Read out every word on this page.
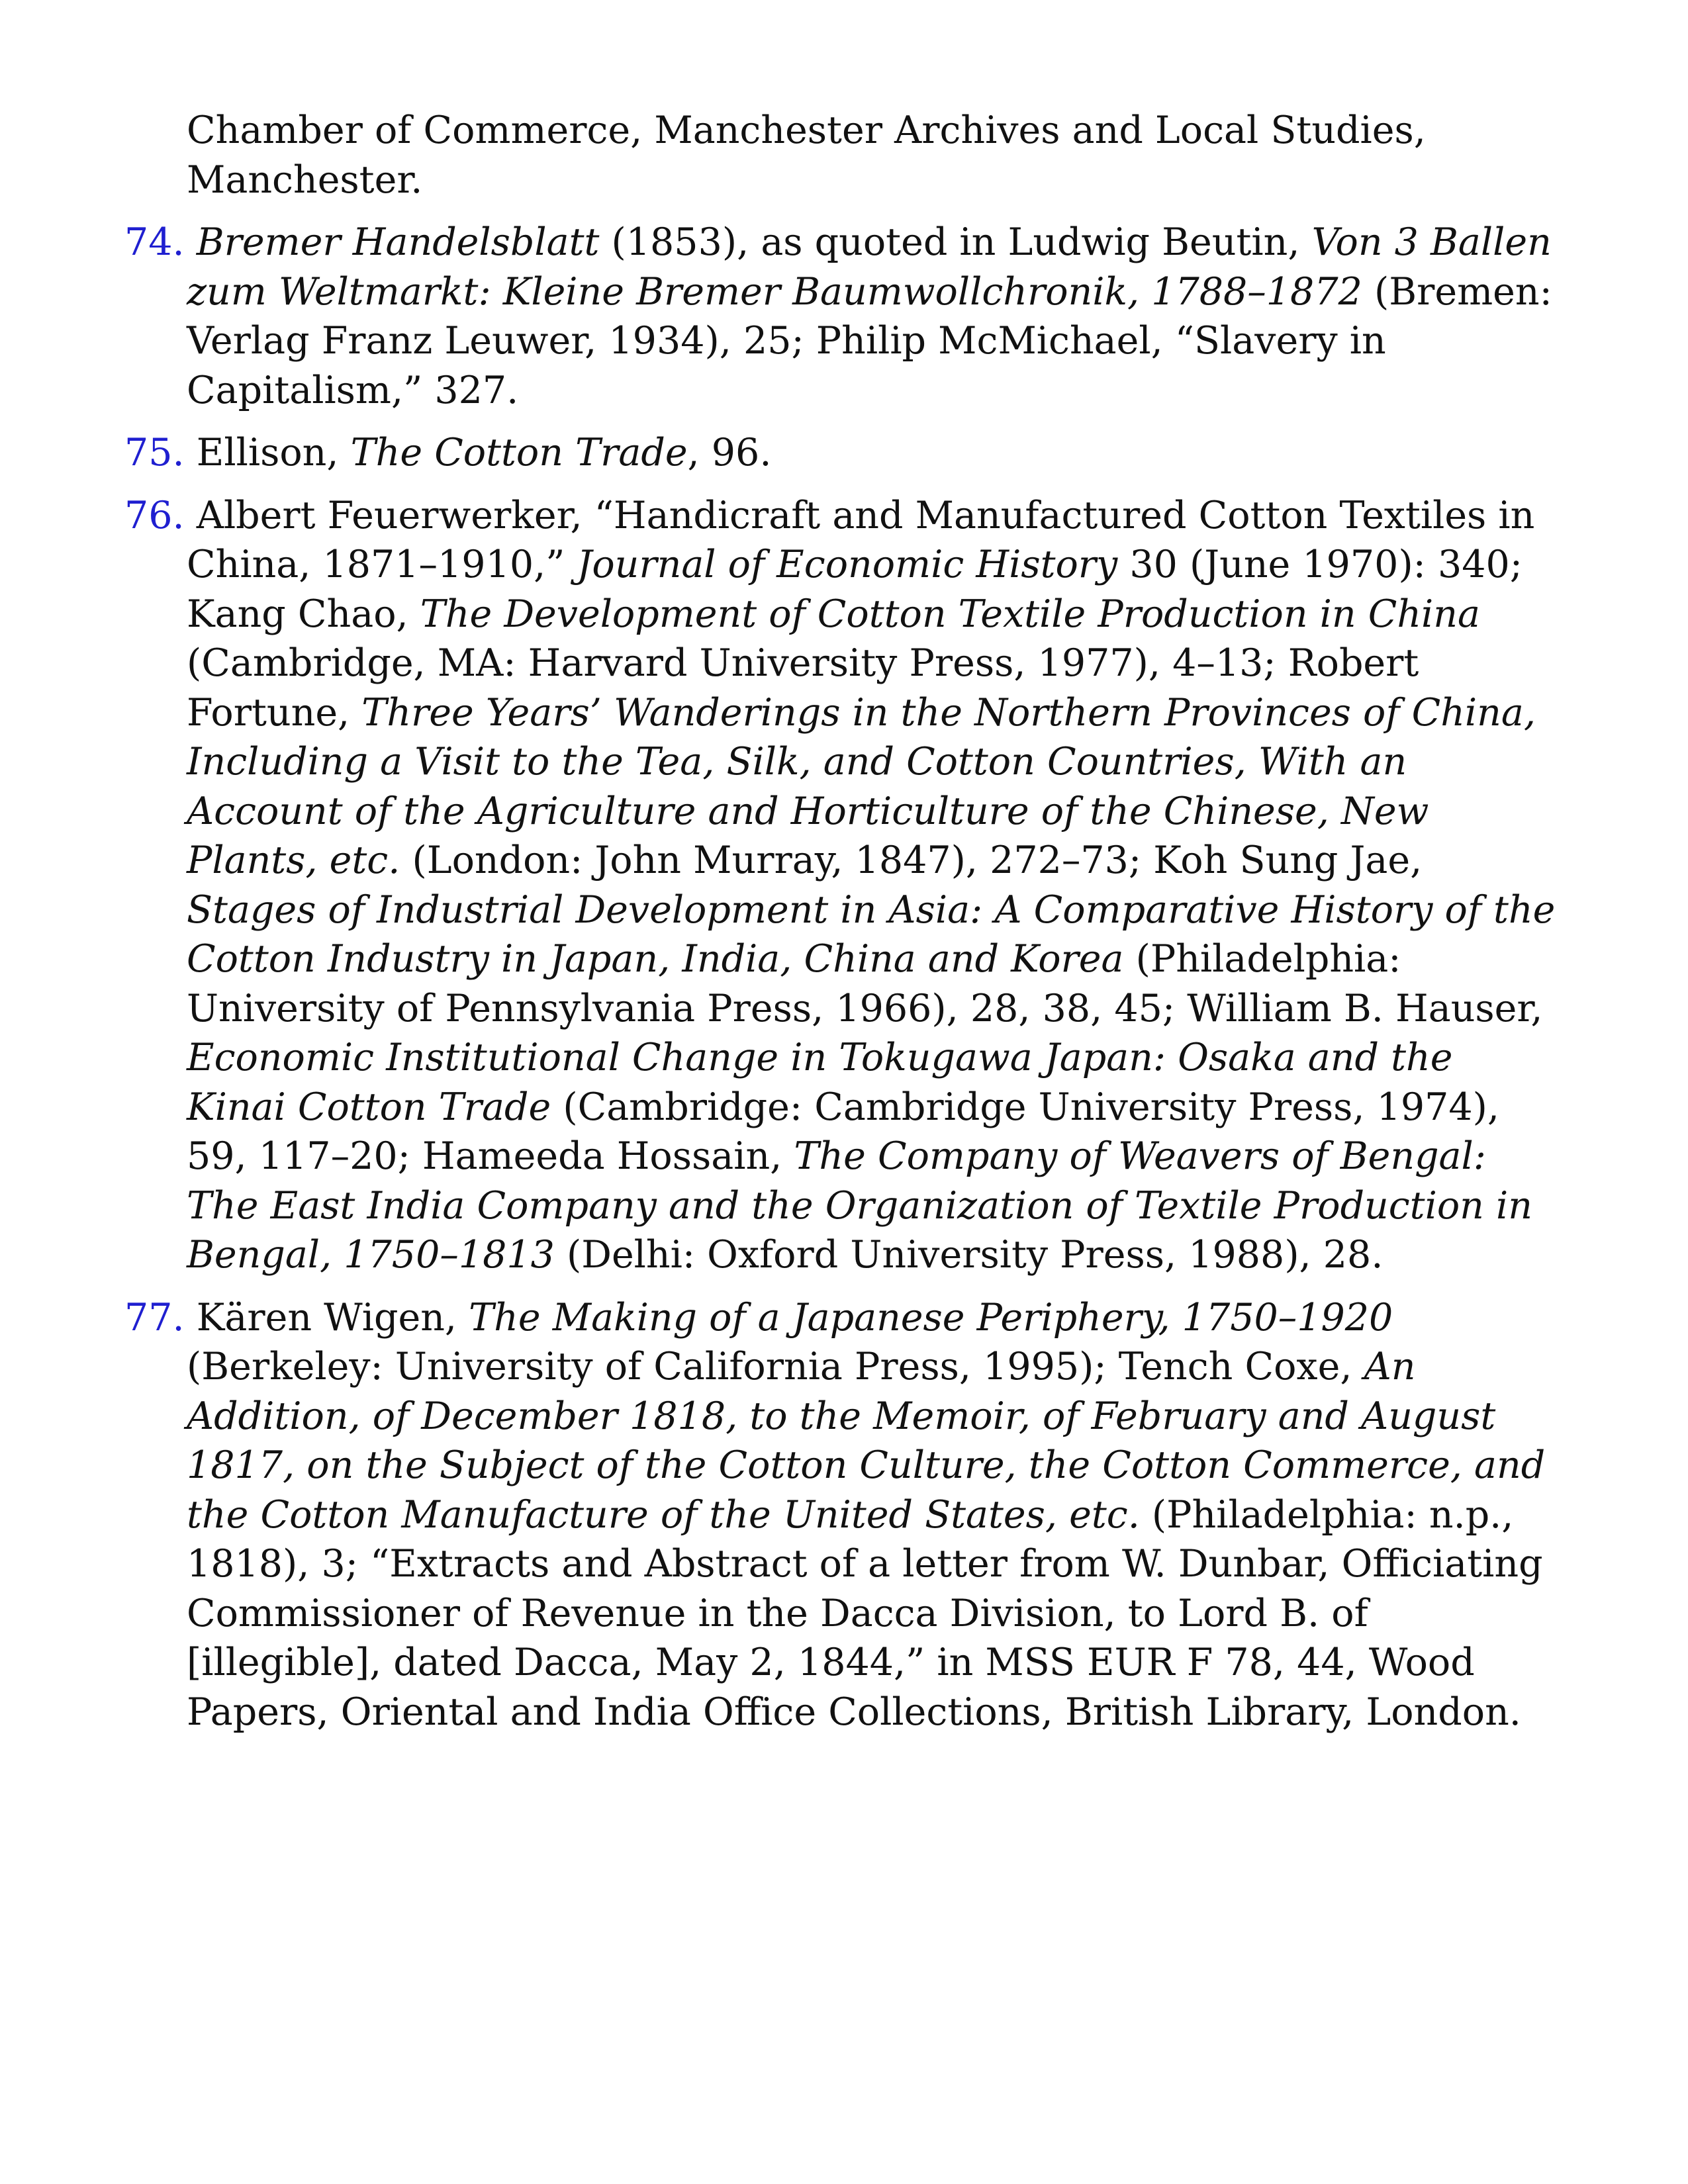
Chamber of Commerce, Manchester Archives and Local Studies, Manchester.

74. Bremer Handelsblatt (1853), as quoted in Ludwig Beutin, Von 3 Ballen zum Weltmarkt: Kleine Bremer Baumwollchronik, 1788–1872 (Bremen: Verlag Franz Leuwer, 1934), 25; Philip McMichael, “Slavery in Capitalism,” 327.

75. Ellison, The Cotton Trade, 96.

76. Albert Feuerwerker, “Handicraft and Manufactured Cotton Textiles in China, 1871–1910,” Journal of Economic History 30 (June 1970): 340; Kang Chao, The Development of Cotton Textile Production in China (Cambridge, MA: Harvard University Press, 1977), 4–13; Robert Fortune, Three Years’ Wanderings in the Northern Provinces of China, Including a Visit to the Tea, Silk, and Cotton Countries, With an Account of the Agriculture and Horticulture of the Chinese, New Plants, etc. (London: John Murray, 1847), 272–73; Koh Sung Jae, Stages of Industrial Development in Asia: A Comparative History of the Cotton Industry in Japan, India, China and Korea (Philadelphia: University of Pennsylvania Press, 1966), 28, 38, 45; William B. Hauser, Economic Institutional Change in Tokugawa Japan: Osaka and the Kinai Cotton Trade (Cambridge: Cambridge University Press, 1974), 59, 117–20; Hameeda Hossain, The Company of Weavers of Bengal: The East India Company and the Organization of Textile Production in Bengal, 1750–1813 (Delhi: Oxford University Press, 1988), 28.

77. Kären Wigen, The Making of a Japanese Periphery, 1750–1920 (Berkeley: University of California Press, 1995); Tench Coxe, An Addition, of December 1818, to the Memoir, of February and August 1817, on the Subject of the Cotton Culture, the Cotton Commerce, and the Cotton Manufacture of the United States, etc. (Philadelphia: n.p., 1818), 3; “Extracts and Abstract of a letter from W. Dunbar, Officiating Commissioner of Revenue in the Dacca Division, to Lord B. of [illegible], dated Dacca, May 2, 1844,” in MSS EUR F 78, 44, Wood Papers, Oriental and India Office Collections, British Library, London.
